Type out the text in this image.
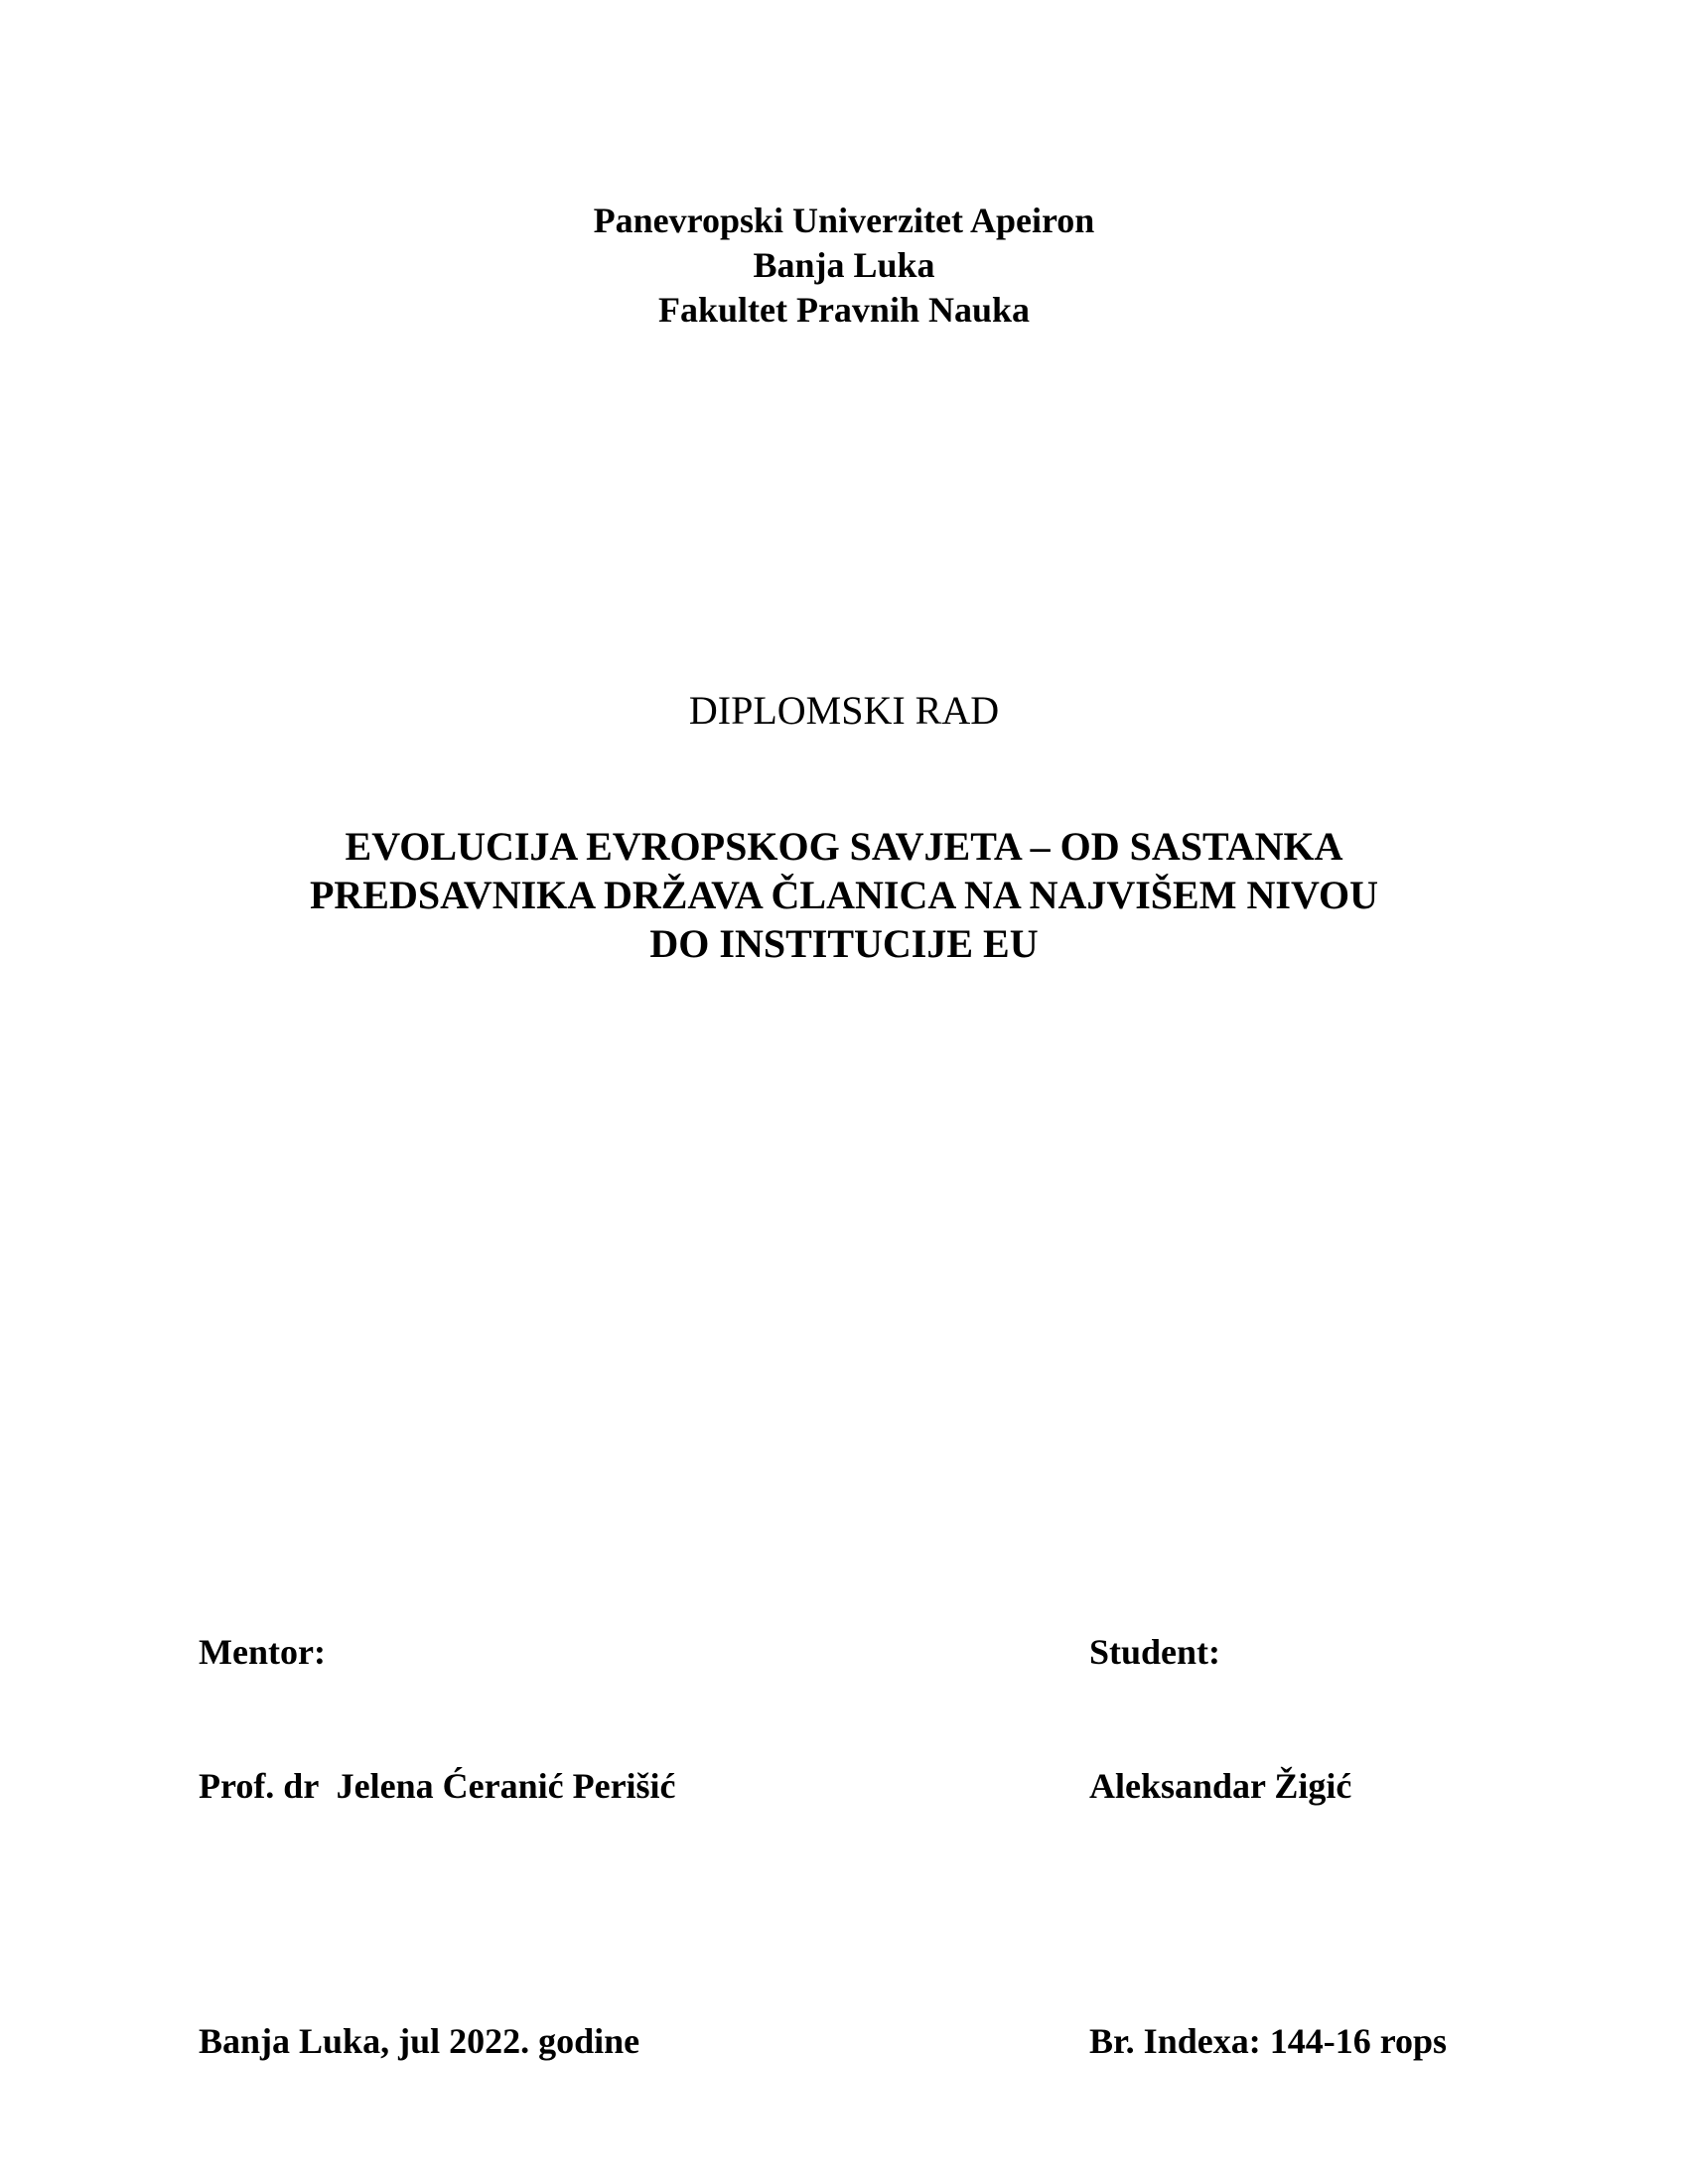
Panevropski Univerzitet Apeiron
Banja Luka
Fakultet Pravnih Nauka
DIPLOMSKI RAD
EVOLUCIJA EVROPSKOG SAVJETA – OD SASTANKA
PREDSAVNIKA DRŽAVA ČLANICA NA NAJVIŠEM NIVOU
DO INSTITUCIJE EU

Mentor:

Prof. dr  Jelena Ćeranić Perišić

Banja Luka, jul 2022. godine

Student:

Aleksandar Žigić

Br. Indexa: 144-16 rops
